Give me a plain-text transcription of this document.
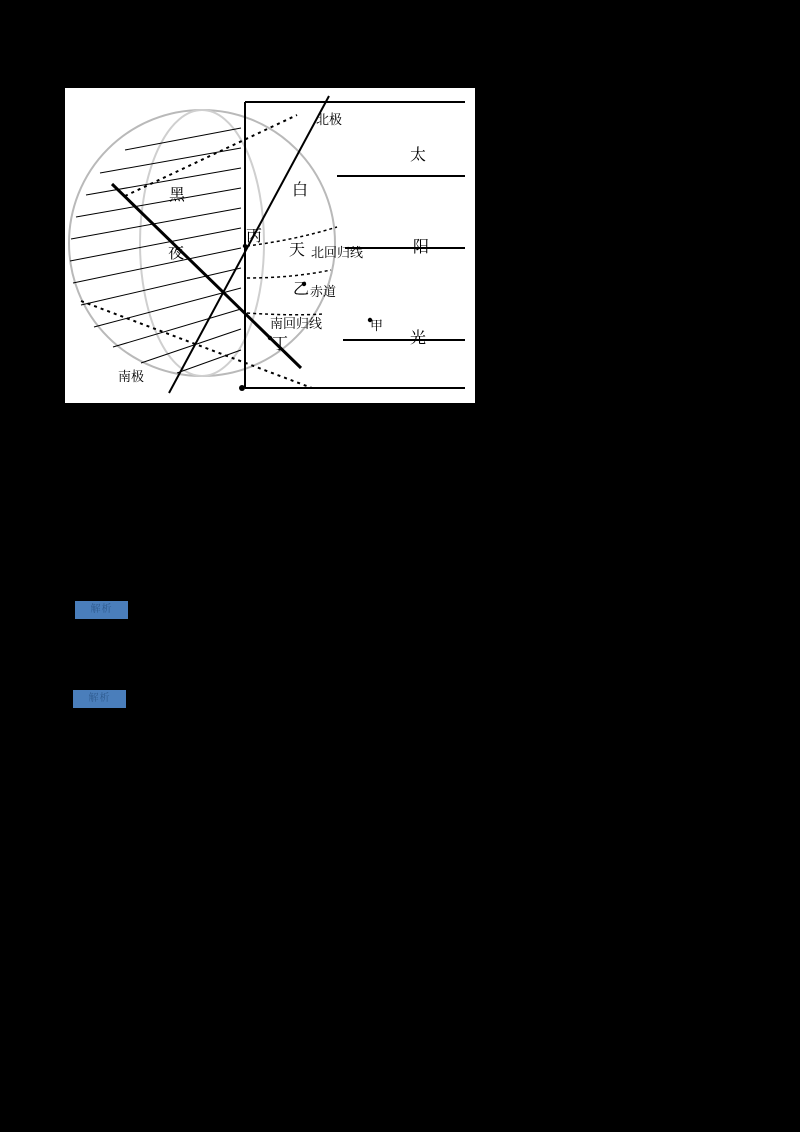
北极
太
阳
光
白
天
黑
夜	北回归线
赤道
南回归线	甲
乙
丙
丁
南极
解析
解析
